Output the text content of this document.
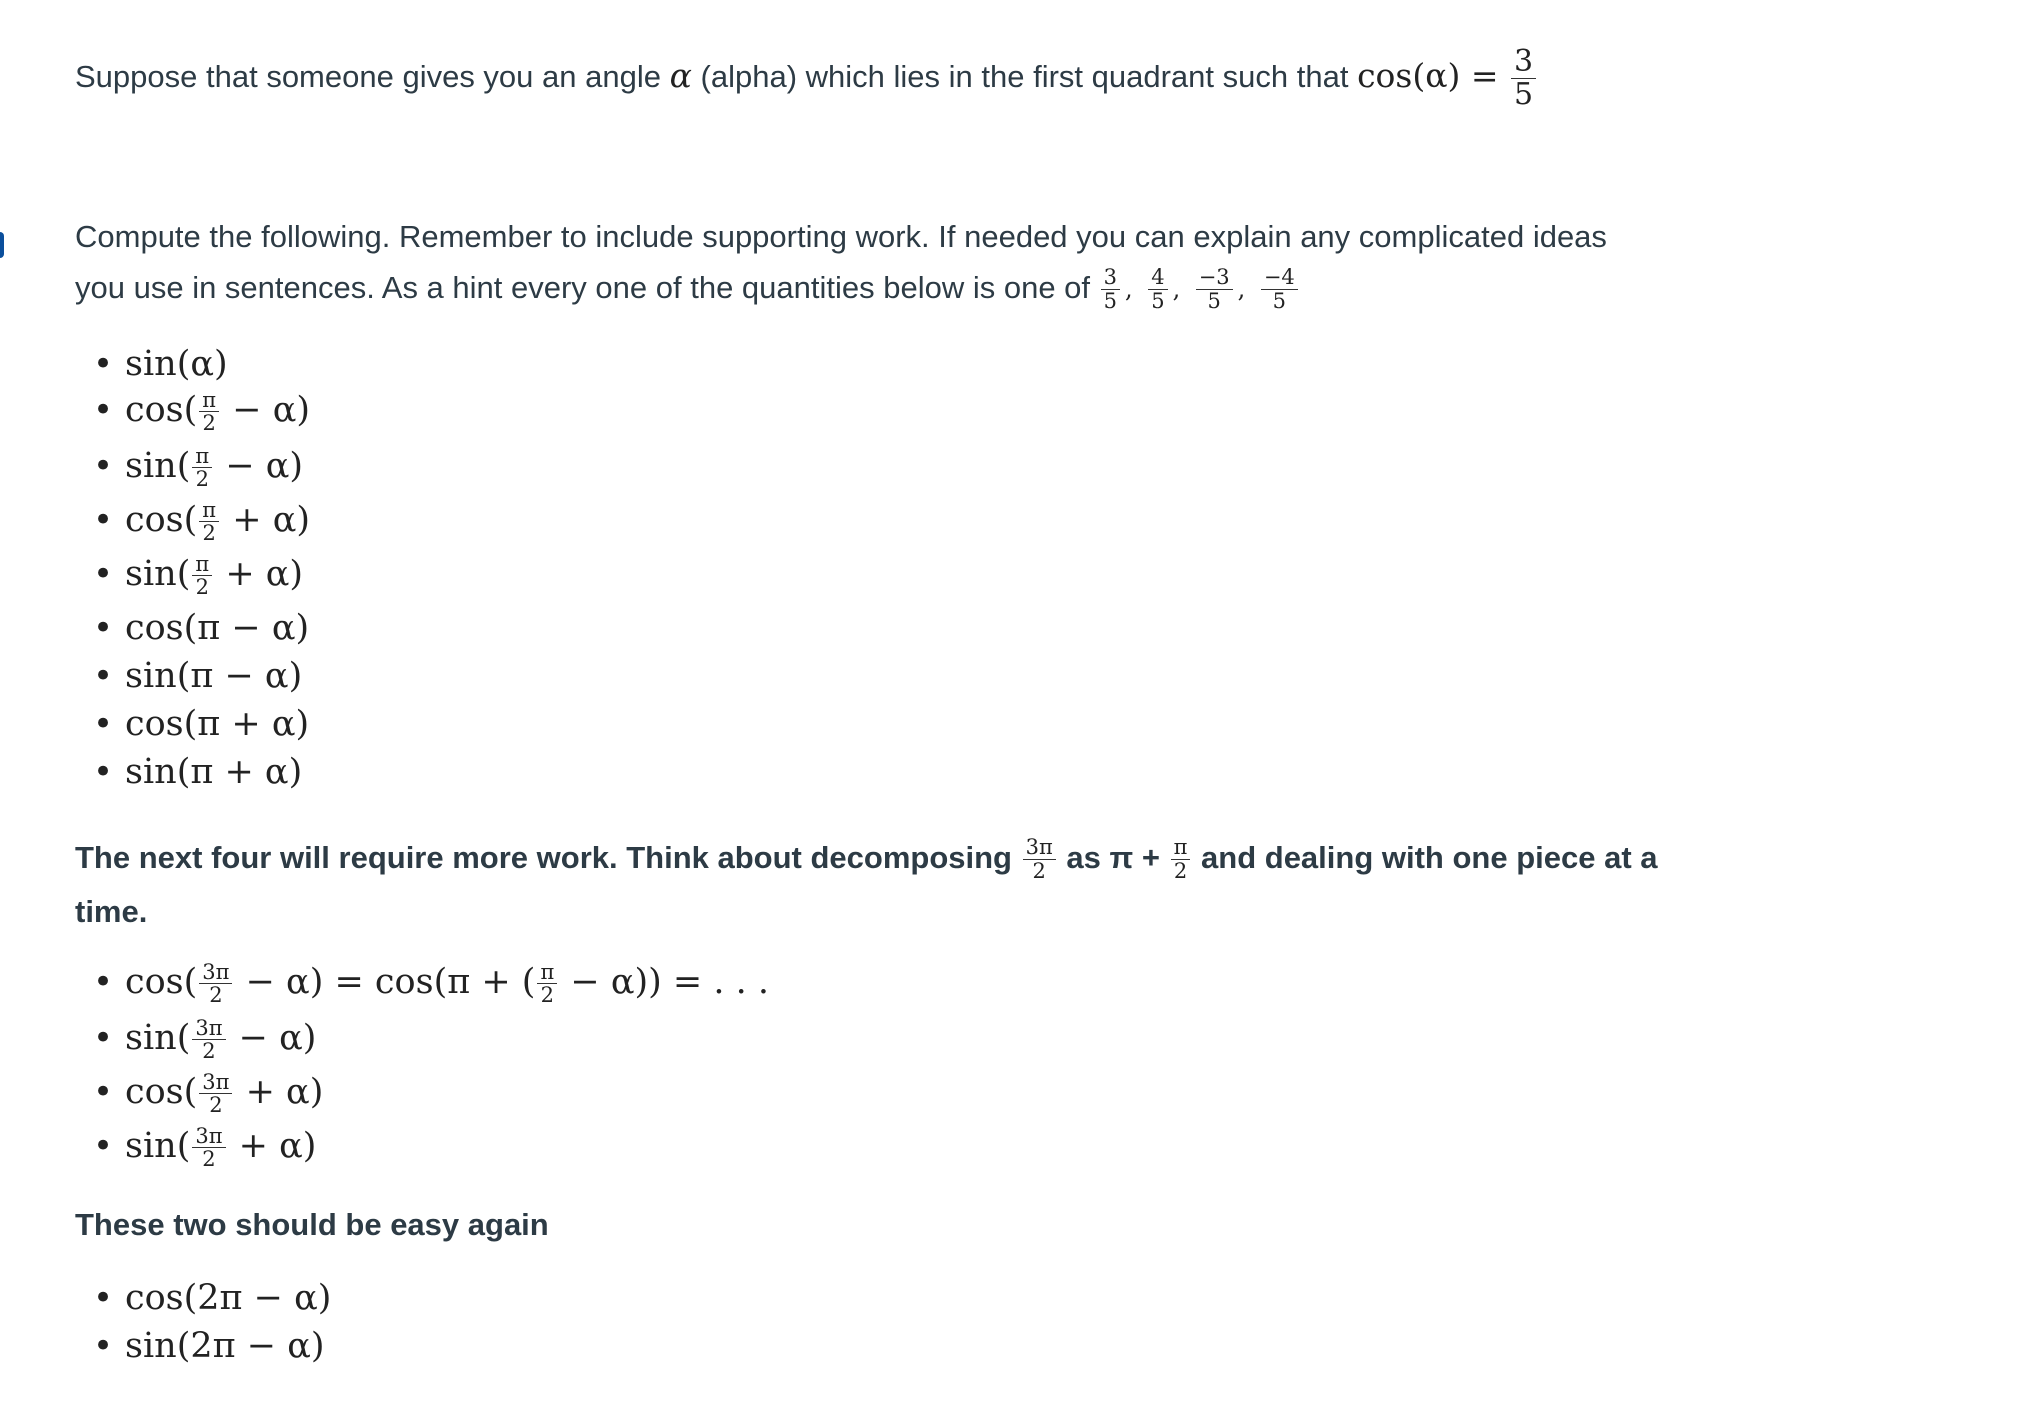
Suppose that someone gives you an angle α (alpha) which lies in the first quadrant such that $\cos(\alpha) = \frac{3}{5}$

Compute the following. Remember to include supporting work. If needed you can explain any complicated ideas

you use in sentences. As a hint every one of the quantities below is one of $\frac{3}{5}$ , $\frac{4}{5}$ , $\frac{-3}{5}$ , $\frac{-4}{5}$

• sin(α)
• $\cos( \frac{\pi}{2} - \alpha)$
• $\sin( \frac{\pi}{2} - \alpha)$
• $\cos( \frac{\pi}{2} + \alpha)$
• $\sin( \frac{\pi}{2} + \alpha)$
• cos(π − α)
• sin(π − α)
• cos(π + α)
• sin(π + α)

The next four will require more work. Think about decomposing $\frac{3\pi}{2}$ as $\pi + \frac{\pi}{2}$ and dealing with one piece at a

time.

• $\cos( \frac{3\pi}{2} - \alpha) = \cos(\pi$ + ( $\frac{\pi}{2} - \alpha$)) = . . .
• $\sin( \frac{3\pi}{2} - \alpha)$
• $\cos( \frac{3\pi}{2} + \alpha)$
• $\sin( \frac{3\pi}{2} + \alpha)$

These two should be easy again

• cos(2π − α)
• sin(2π − α)
